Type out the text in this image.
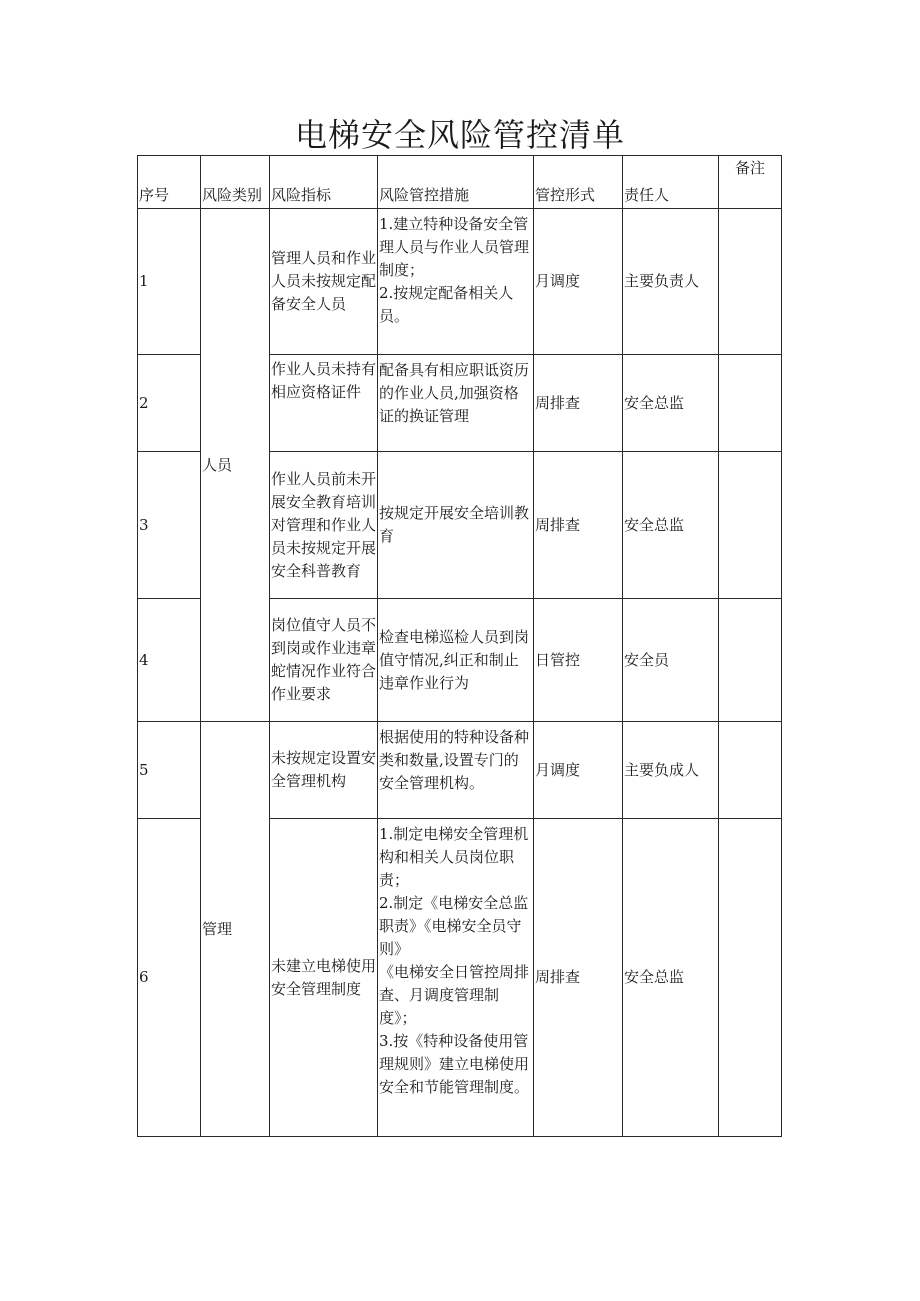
电梯安全风险管控清单
序号	风险类别	风险指标	风险管控措施	管控形式	责任人	备注
1	人员	管理人员和作业人员未按规定配备安全人员	1.建立特种设备安全管理人员与作业人员管理制度；
2.按规定配备相关人员。	月调度	主要负责人	
2		作业人员未持有相应资格证件	配备具有相应职诋资历的作业人员,加强资格证的换证管理	周排查	安全总监	
3		作业人员前未开展安全教育培训对管理和作业人员未按规定开展安全科普教育	按规定开展安全培训教育	周排查	安全总监	
4		岗位值守人员不到岗或作业违章蛇情况作业符合作业要求	检查电梯巡检人员到岗值守情况,纠正和制止违章作业行为	日管控	安全员	
5	管理	未按规定设置安全管理机构	根据使用的特种设备种类和数量,设置专门的安全管理机构。	月调度	主要负成人	
6		未建立电梯使用安全管理制度	1.制定电梯安全管理机构和相关人员岗位职责；
2.制定《电梯安全总监职责》《电梯安全员守则》
《电梯安全日管控周排查、月调度管理制度》；
3.按《特种设备使用管理规则》建立电梯使用安全和节能管理制度。	周排查	安全总监	
